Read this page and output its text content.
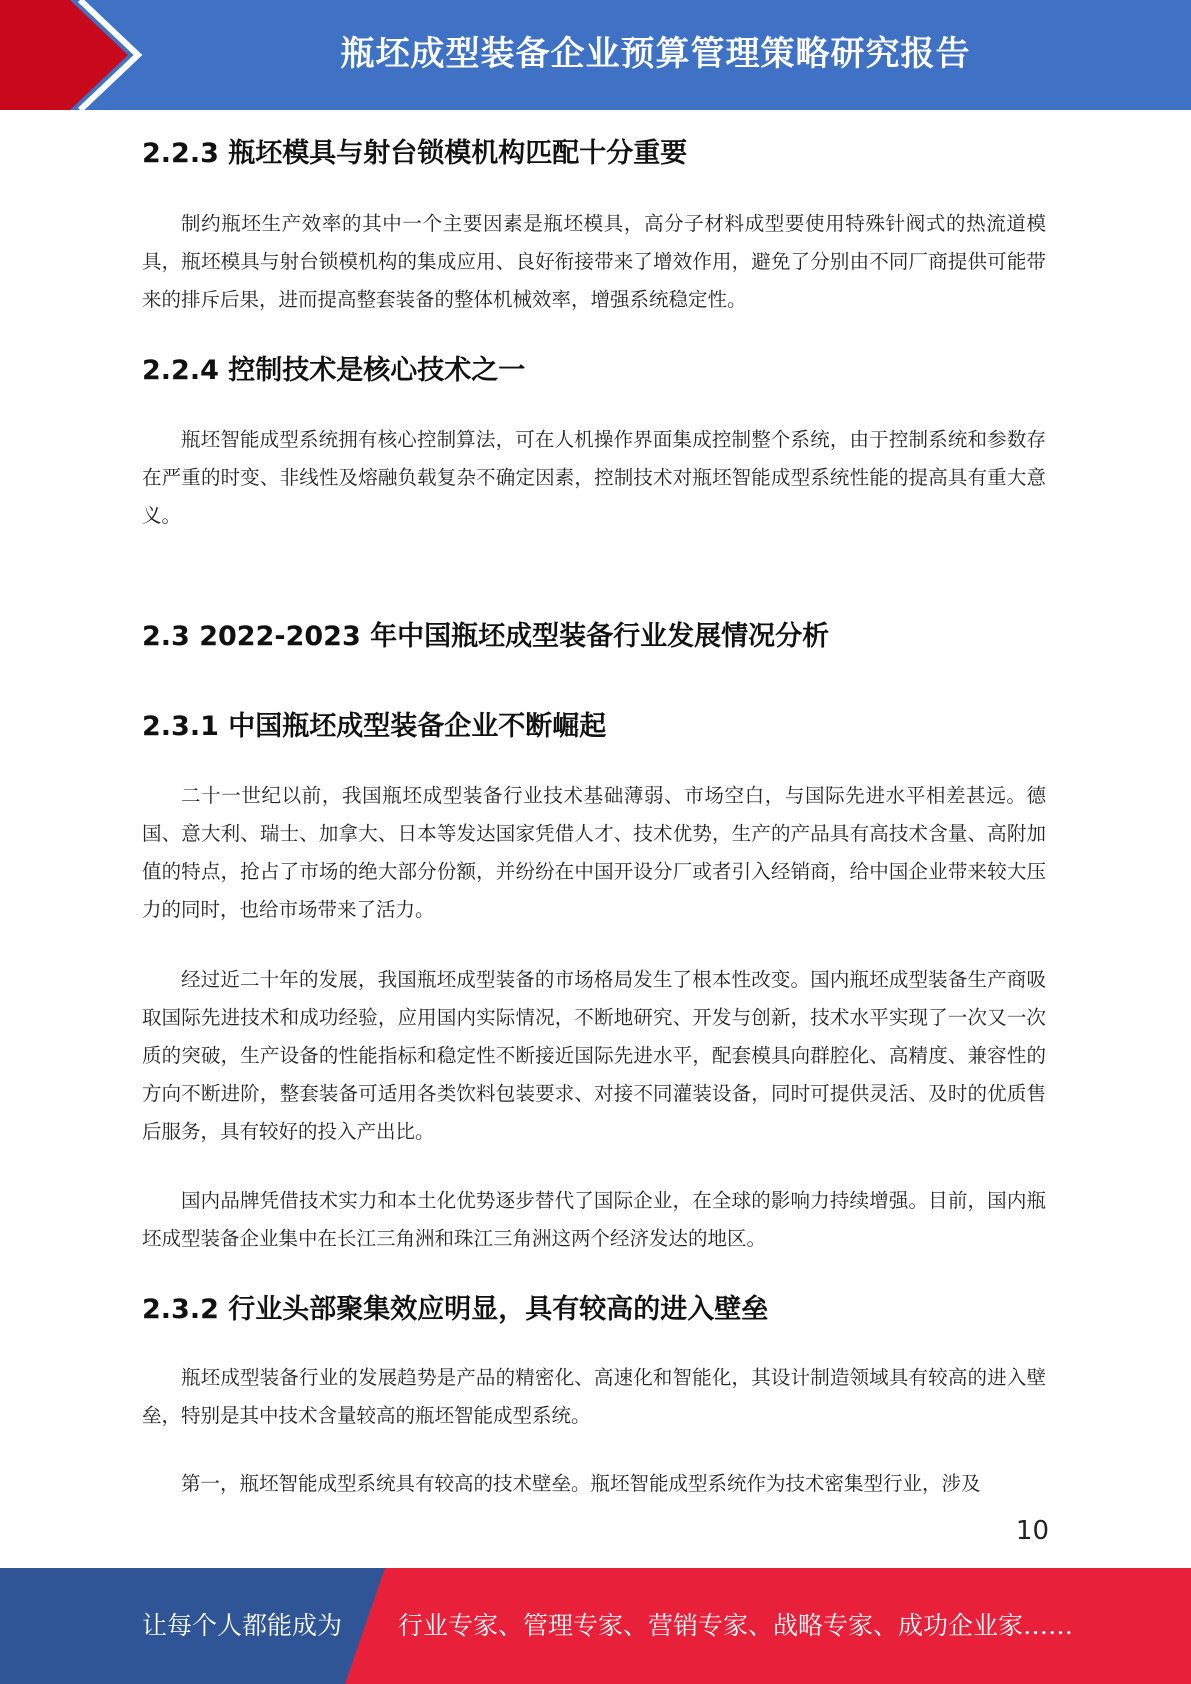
瓶坯成型装备企业预算管理策略研究报告
2.2.3 瓶坯模具与射台锁模机构匹配十分重要
制约瓶坯生产效率的其中一个主要因素是瓶坯模具，高分子材料成型要使用特殊针阀式的热流道模具，瓶坯模具与射台锁模机构的集成应用、良好衔接带来了增效作用，避免了分别由不同厂商提供可能带来的排斥后果，进而提高整套装备的整体机械效率，增强系统稳定性。
2.2.4 控制技术是核心技术之一
瓶坯智能成型系统拥有核心控制算法，可在人机操作界面集成控制整个系统，由于控制系统和参数存在严重的时变、非线性及熔融负载复杂不确定因素，控制技术对瓶坯智能成型系统性能的提高具有重大意义。
2.3 2022-2023 年中国瓶坯成型装备行业发展情况分析
2.3.1 中国瓶坯成型装备企业不断崛起
二十一世纪以前，我国瓶坯成型装备行业技术基础薄弱、市场空白，与国际先进水平相差甚远。德国、意大利、瑞士、加拿大、日本等发达国家凭借人才、技术优势，生产的产品具有高技术含量、高附加值的特点，抢占了市场的绝大部分份额，并纷纷在中国开设分厂或者引入经销商，给中国企业带来较大压力的同时，也给市场带来了活力。
经过近二十年的发展，我国瓶坯成型装备的市场格局发生了根本性改变。国内瓶坯成型装备生产商吸取国际先进技术和成功经验，应用国内实际情况，不断地研究、开发与创新，技术水平实现了一次又一次质的突破，生产设备的性能指标和稳定性不断接近国际先进水平，配套模具向群腔化、高精度、兼容性的方向不断进阶，整套装备可适用各类饮料包装要求、对接不同灌装设备，同时可提供灵活、及时的优质售后服务，具有较好的投入产出比。
国内品牌凭借技术实力和本土化优势逐步替代了国际企业，在全球的影响力持续增强。目前，国内瓶坯成型装备企业集中在长江三角洲和珠江三角洲这两个经济发达的地区。
2.3.2 行业头部聚集效应明显，具有较高的进入壁垒
瓶坯成型装备行业的发展趋势是产品的精密化、高速化和智能化，其设计制造领域具有较高的进入壁垒，特别是其中技术含量较高的瓶坯智能成型系统。
第一，瓶坯智能成型系统具有较高的技术壁垒。瓶坯智能成型系统作为技术密集型行业，涉及
10
让每个人都能成为 行业专家、管理专家、营销专家、战略专家、成功企业家……
